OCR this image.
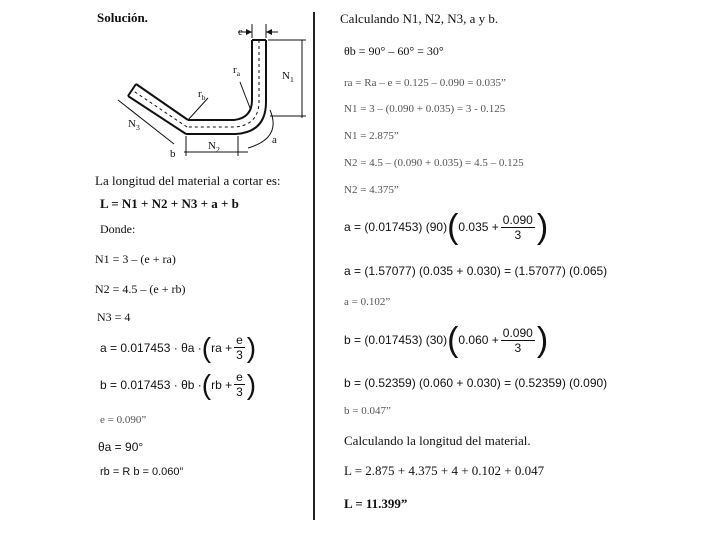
Solución.
e
$r_a$
$r_b$
$N_1$
$N_2$
$N_3$
a
b
La longitud del material a cortar es:
L = N1 + N2 + N3 + a + b
Donde:
N1 = 3 – (e + ra)
N2 = 4.5 – (e + rb)
N3 = 4
a = 0.017453 · θa · ( ra + $\frac{e}{3}$ )
b = 0.017453 · θb · ( rb + $\frac{e}{3}$ )
e = 0.090”
θa = 90°
rb = R b = 0.060”
Calculando N1, N2, N3, a y b.
θb = 90° – 60° = 30°
ra = Ra – e = 0.125 – 0.090 = 0.035”
N1 = 3 – (0.090 + 0.035) = 3 - 0.125
N1 = 2.875”
N2 = 4.5 – (0.090 + 0.035) = 4.5 – 0.125
N2 = 4.375”
a = (0.017453) (90) ( $0.035 + \frac{0.090}{3}$ )
a = (1.57077) (0.035 + 0.030) = (1.57077) (0.065)
a = 0.102”
b = (0.017453) (30) ( $0.060 + \frac{0.090}{3}$ )
b = (0.52359) (0.060 + 0.030) = (0.52359) (0.090)
b = 0.047”
Calculando la longitud del material.
L = 2.875 + 4.375 + 4 + 0.102 + 0.047
L = 11.399”
